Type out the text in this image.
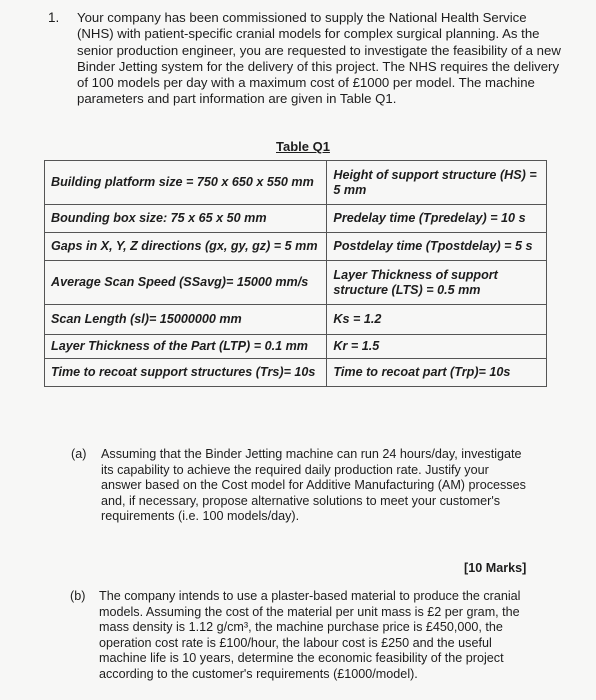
1. Your company has been commissioned to supply the National Health Service (NHS) with patient-specific cranial models for complex surgical planning. As the senior production engineer, you are requested to investigate the feasibility of a new Binder Jetting system for the delivery of this project. The NHS requires the delivery of 100 models per day with a maximum cost of £1000 per model. The machine parameters and part information are given in Table Q1.
Table Q1
Building platform size = 750 x 650 x 550 mm	Height of support structure (HS) = 5 mm
Bounding box size: 75 x 65 x 50 mm	Predelay time (Tpredelay) = 10 s
Gaps in X, Y, Z directions (gx, gy, gz) = 5 mm	Postdelay time (Tpostdelay) = 5 s
Average Scan Speed (SSavg)= 15000 mm/s	Layer Thickness of support structure (LTS) = 0.5 mm
Scan Length (sl)= 15000000 mm	Ks = 1.2
Layer Thickness of the Part (LTP) = 0.1 mm	Kr = 1.5
Time to recoat support structures (Trs)= 10s	Time to recoat part (Trp)= 10s
(a) Assuming that the Binder Jetting machine can run 24 hours/day, investigate its capability to achieve the required daily production rate. Justify your answer based on the Cost model for Additive Manufacturing (AM) processes and, if necessary, propose alternative solutions to meet your customer's requirements (i.e. 100 models/day).
[10 Marks]
(b) The company intends to use a plaster-based material to produce the cranial models. Assuming the cost of the material per unit mass is £2 per gram, the mass density is 1.12 g/cm³, the machine purchase price is £450,000, the operation cost rate is £100/hour, the labour cost is £250 and the useful machine life is 10 years, determine the economic feasibility of the project according to the customer's requirements (£1000/model).
